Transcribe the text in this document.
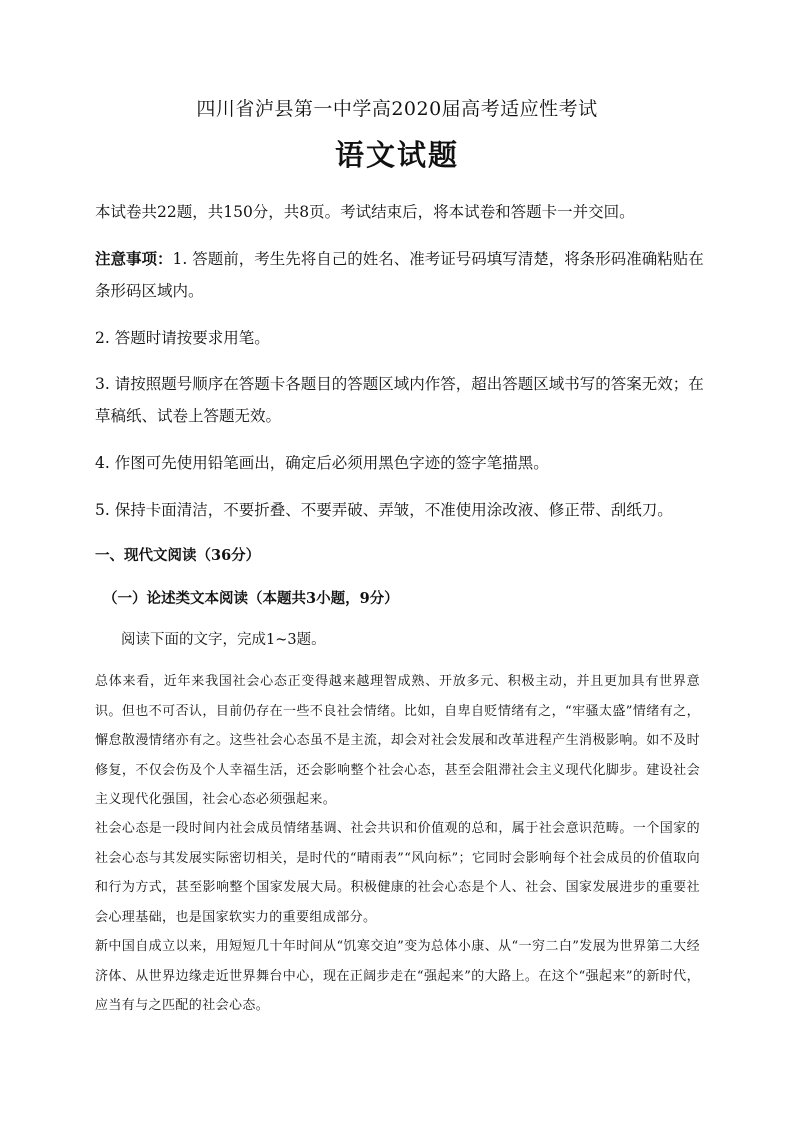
四川省泸县第一中学高2020届高考适应性考试
语文试题

本试卷共22题，共150分，共8页。考试结束后，将本试卷和答题卡一并交回。

注意事项：1. 答题前，考生先将自己的姓名、准考证号码填写清楚，将条形码准确粘贴在条形码区域内。

2. 答题时请按要求用笔。

3. 请按照题号顺序在答题卡各题目的答题区域内作答，超出答题区域书写的答案无效；在草稿纸、试卷上答题无效。

4. 作图可先使用铅笔画出，确定后必须用黑色字迹的签字笔描黑。

5. 保持卡面清洁，不要折叠、不要弄破、弄皱，不准使用涂改液、修正带、刮纸刀。

一、现代文阅读（36分）

（一）论述类文本阅读（本题共3小题，9分）

阅读下面的文字，完成1~3题。

总体来看，近年来我国社会心态正变得越来越理智成熟、开放多元、积极主动，并且更加具有世界意识。但也不可否认，目前仍存在一些不良社会情绪。比如，自卑自贬情绪有之，“牢骚太盛”情绪有之，懈怠散漫情绪亦有之。这些社会心态虽不是主流，却会对社会发展和改革进程产生消极影响。如不及时修复，不仅会伤及个人幸福生活，还会影响整个社会心态，甚至会阻滞社会主义现代化脚步。建设社会主义现代化强国，社会心态必须强起来。

社会心态是一段时间内社会成员情绪基调、社会共识和价值观的总和，属于社会意识范畴。一个国家的社会心态与其发展实际密切相关，是时代的“晴雨表”“风向标”；它同时会影响每个社会成员的价值取向和行为方式，甚至影响整个国家发展大局。积极健康的社会心态是个人、社会、国家发展进步的重要社会心理基础，也是国家软实力的重要组成部分。

新中国自成立以来，用短短几十年时间从“饥寒交迫”变为总体小康、从“一穷二白”发展为世界第二大经济体、从世界边缘走近世界舞台中心，现在正阔步走在“强起来”的大路上。在这个“强起来”的新时代，应当有与之匹配的社会心态。
